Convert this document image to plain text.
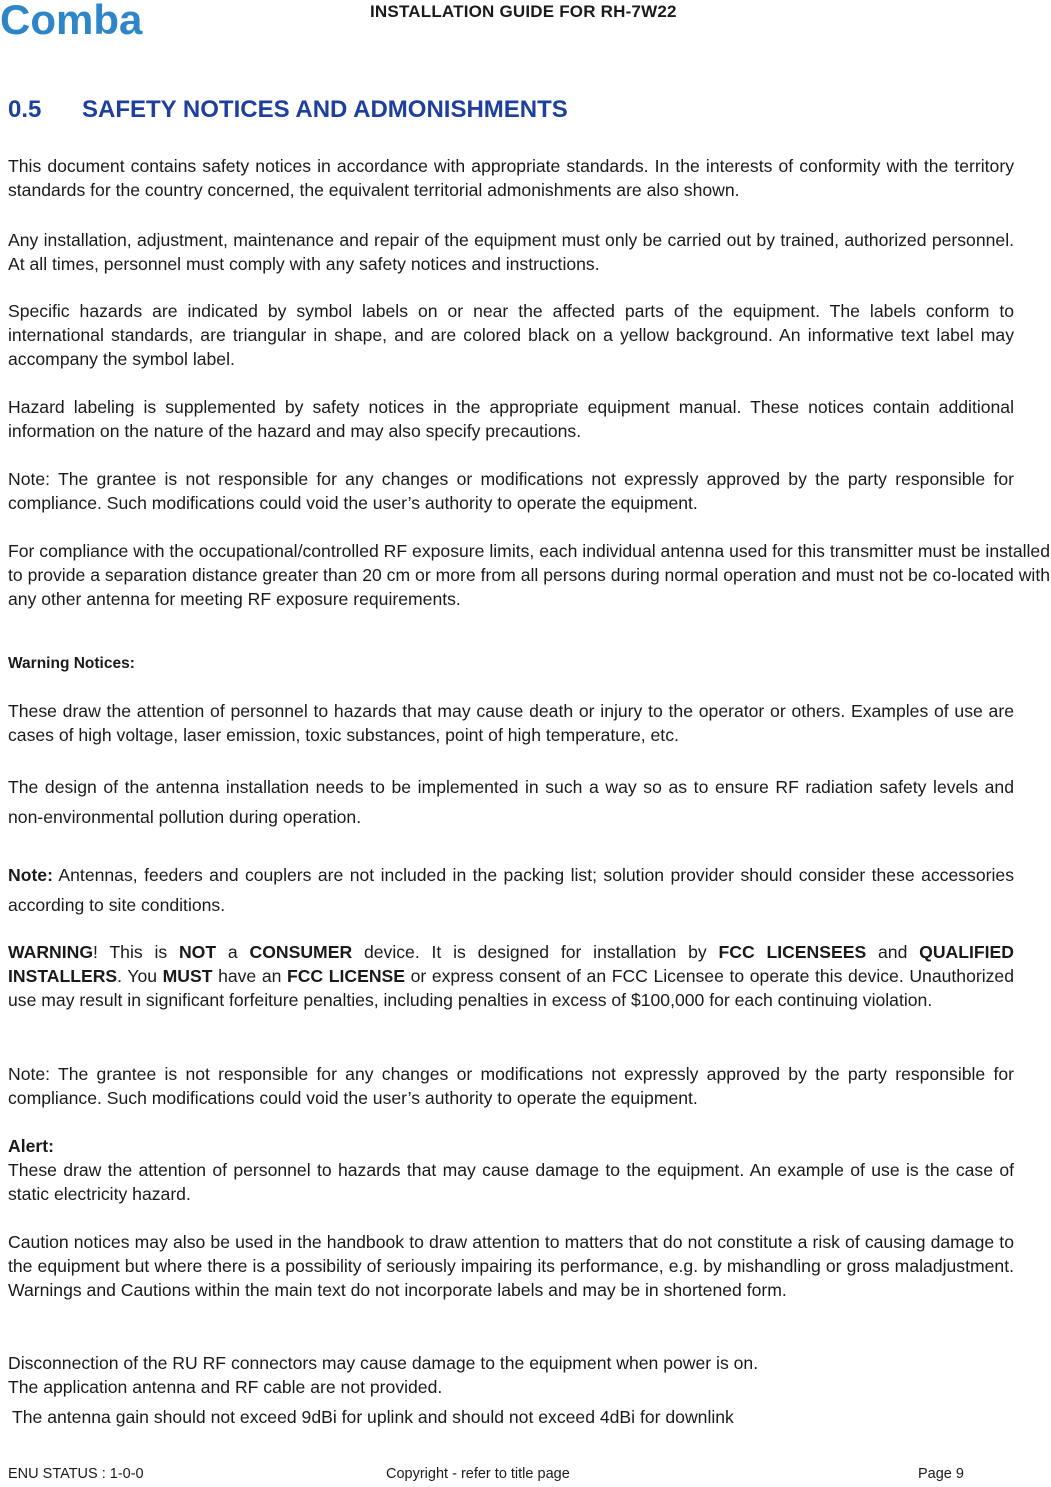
Comba	INSTALLATION GUIDE FOR RH-7W22
0.5 SAFETY NOTICES AND ADMONISHMENTS

This document contains safety notices in accordance with appropriate standards. In the interests of conformity with the territory standards for the country concerned, the equivalent territorial admonishments are also shown.

Any installation, adjustment, maintenance and repair of the equipment must only be carried out by trained, authorized personnel. At all times, personnel must comply with any safety notices and instructions.

Specific hazards are indicated by symbol labels on or near the affected parts of the equipment. The labels conform to international standards, are triangular in shape, and are colored black on a yellow background. An informative text label may accompany the symbol label.

Hazard labeling is supplemented by safety notices in the appropriate equipment manual. These notices contain additional information on the nature of the hazard and may also specify precautions.

Note: The grantee is not responsible for any changes or modifications not expressly approved by the party responsible for compliance. Such modifications could void the user’s authority to operate the equipment.

For compliance with the occupational/controlled RF exposure limits, each individual antenna used for this transmitter must be installed to provide a separation distance greater than 20 cm or more from all persons during normal operation and must not be co-located with any other antenna for meeting RF exposure requirements.

Warning Notices:

These draw the attention of personnel to hazards that may cause death or injury to the operator or others. Examples of use are cases of high voltage, laser emission, toxic substances, point of high temperature, etc.

The design of the antenna installation needs to be implemented in such a way so as to ensure RF radiation safety levels and non-environmental pollution during operation.

Note: Antennas, feeders and couplers are not included in the packing list; solution provider should consider these accessories according to site conditions.

WARNING! This is NOT a CONSUMER device. It is designed for installation by FCC LICENSEES and QUALIFIED INSTALLERS. You MUST have an FCC LICENSE or express consent of an FCC Licensee to operate this device. Unauthorized use may result in significant forfeiture penalties, including penalties in excess of $100,000 for each continuing violation.

Note: The grantee is not responsible for any changes or modifications not expressly approved by the party responsible for compliance. Such modifications could void the user’s authority to operate the equipment.

Alert:

These draw the attention of personnel to hazards that may cause damage to the equipment. An example of use is the case of static electricity hazard.

Caution notices may also be used in the handbook to draw attention to matters that do not constitute a risk of causing damage to the equipment but where there is a possibility of seriously impairing its performance, e.g. by mishandling or gross maladjustment. Warnings and Cautions within the main text do not incorporate labels and may be in shortened form.

Disconnection of the RU RF connectors may cause damage to the equipment when power is on.

The application antenna and RF cable are not provided.

The antenna gain should not exceed 9dBi for uplink and should not exceed 4dBi for downlink

ENU STATUS : 1-0-0	Copyright - refer to title page	Page 9
